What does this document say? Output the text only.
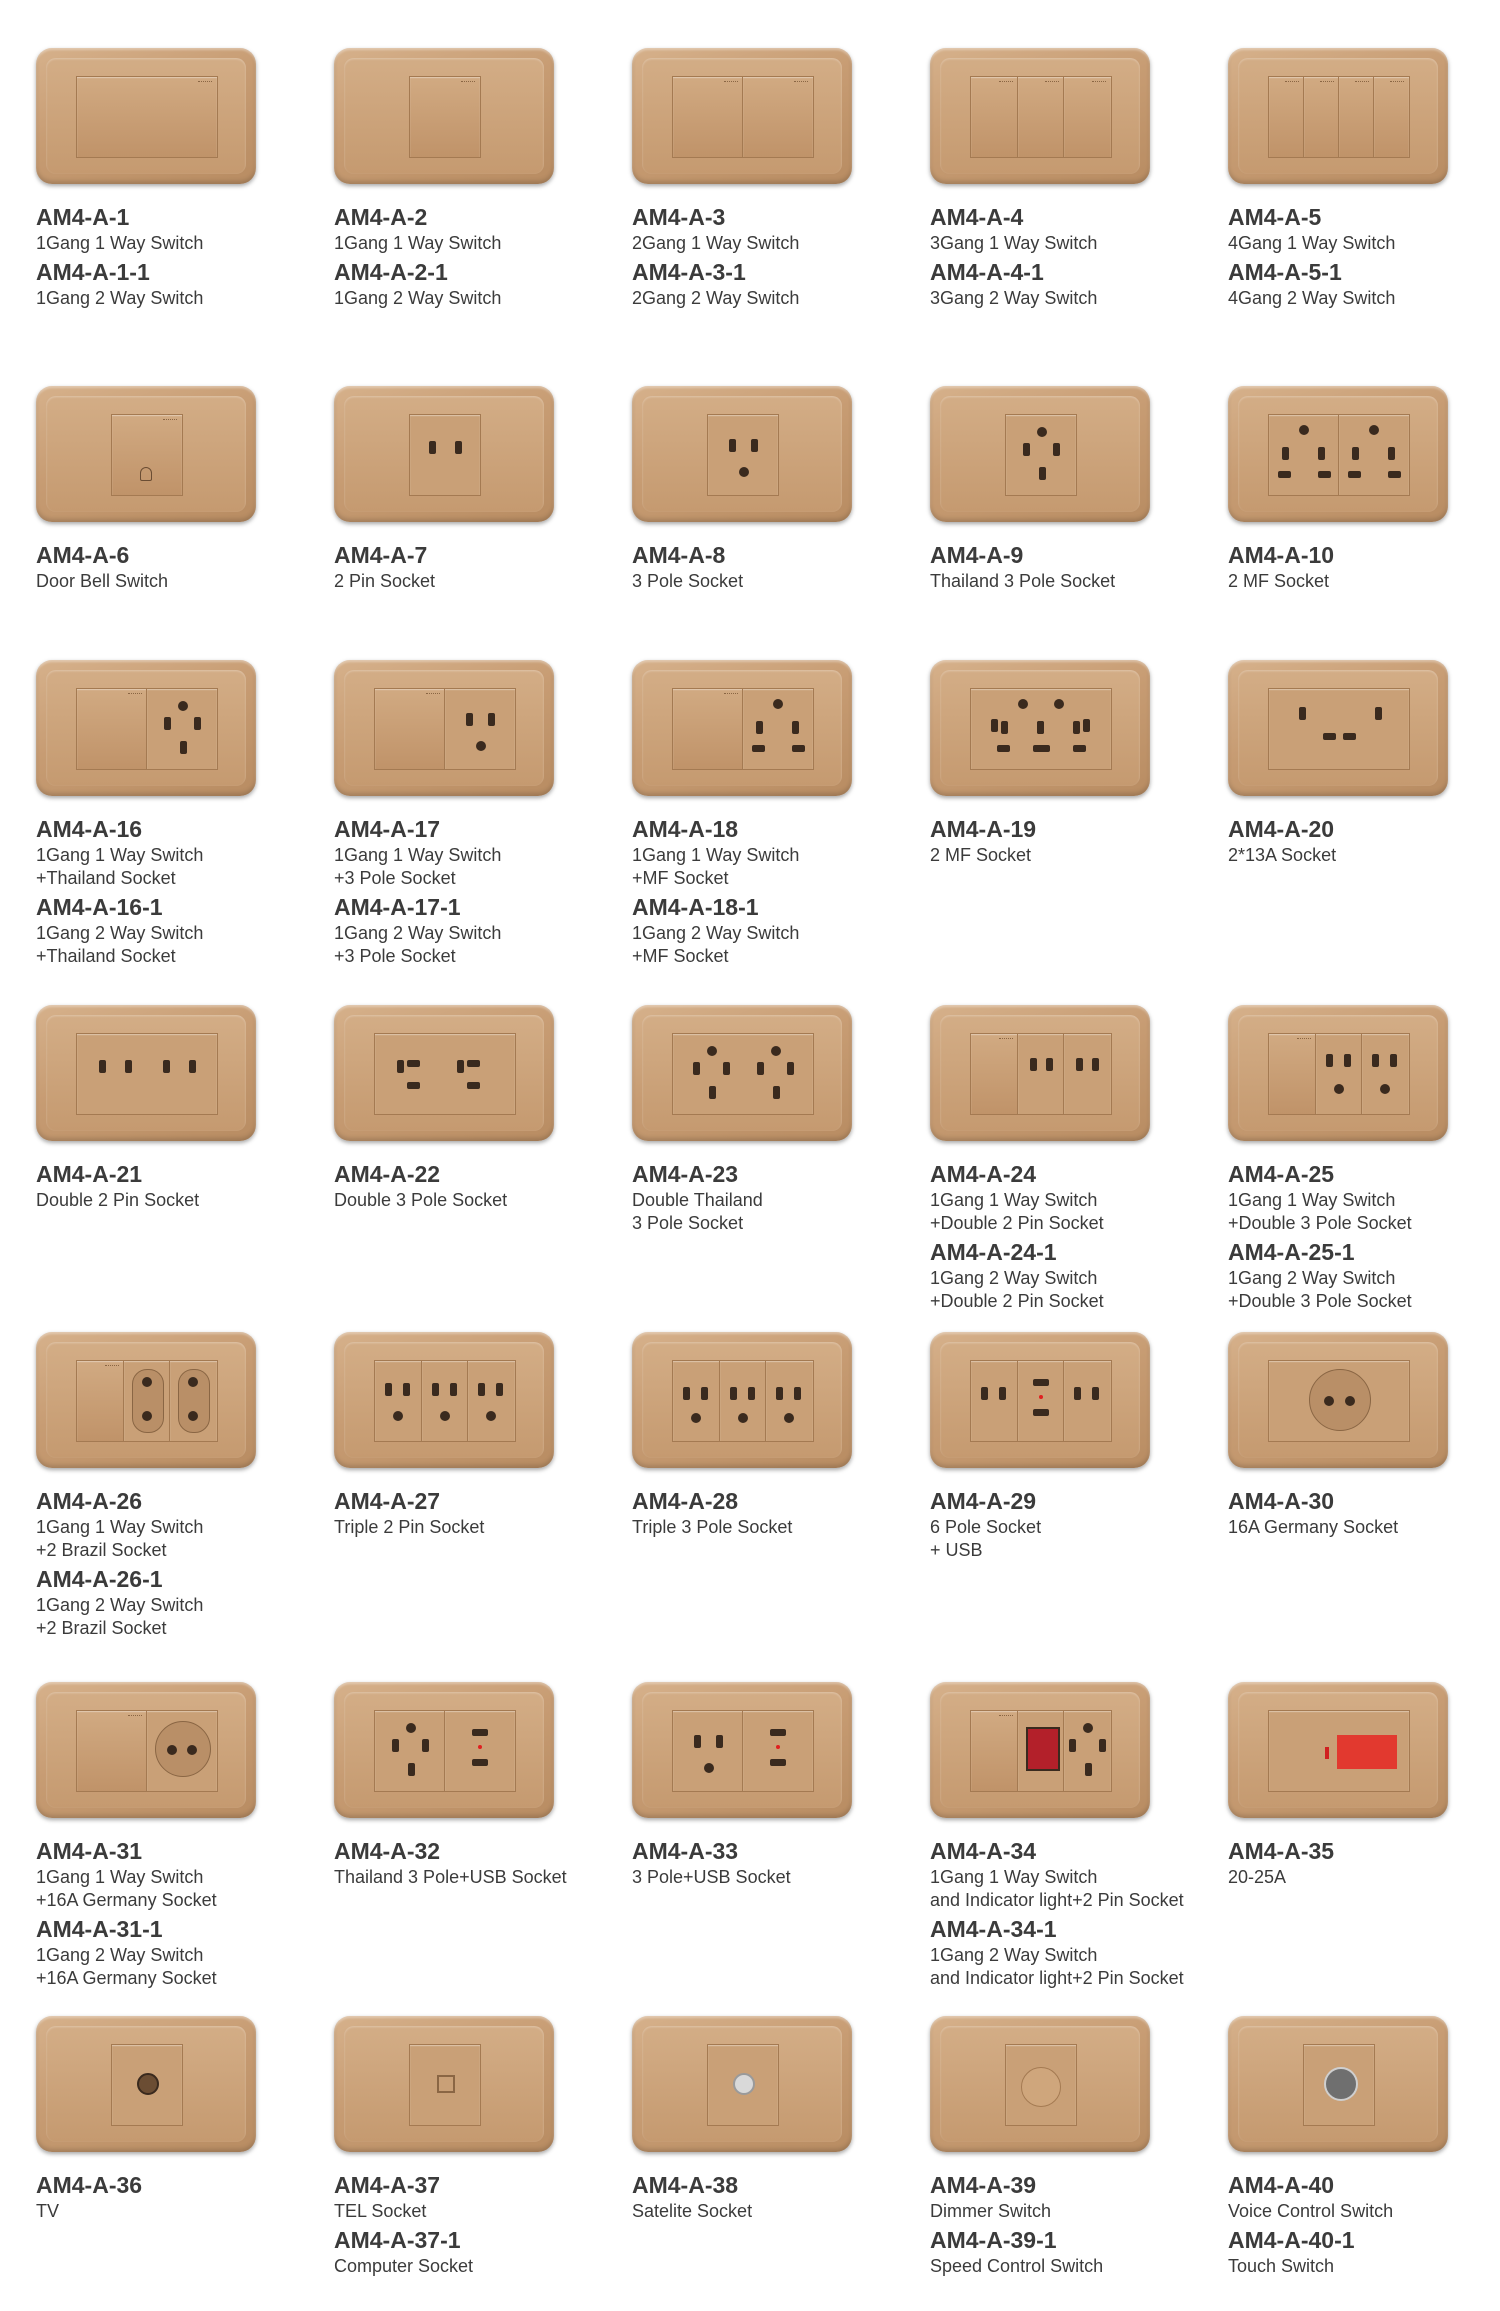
AM4-A-1
1Gang 1 Way Switch
AM4-A-1-1
1Gang 2 Way Switch
AM4-A-2
1Gang 1 Way Switch
AM4-A-2-1
1Gang 2 Way Switch
AM4-A-3
2Gang 1 Way Switch
AM4-A-3-1
2Gang 2 Way Switch
AM4-A-4
3Gang 1 Way Switch
AM4-A-4-1
3Gang 2 Way Switch
AM4-A-5
4Gang 1 Way Switch
AM4-A-5-1
4Gang 2 Way Switch
AM4-A-6
Door Bell Switch
AM4-A-7
2 Pin Socket
AM4-A-8
3 Pole Socket
AM4-A-9
Thailand 3 Pole Socket
AM4-A-10
2 MF Socket
AM4-A-16
1Gang 1 Way Switch
+Thailand Socket
AM4-A-16-1
1Gang 2 Way Switch
+Thailand Socket
AM4-A-17
1Gang 1 Way Switch
+3 Pole Socket
AM4-A-17-1
1Gang 2 Way Switch
+3 Pole Socket
AM4-A-18
1Gang 1 Way Switch
+MF Socket
AM4-A-18-1
1Gang 2 Way Switch
+MF Socket
AM4-A-19
2 MF Socket
AM4-A-20
2*13A Socket
AM4-A-21
Double 2 Pin Socket
AM4-A-22
Double 3 Pole Socket
AM4-A-23
Double Thailand
3 Pole Socket
AM4-A-24
1Gang 1 Way Switch
+Double 2 Pin Socket
AM4-A-24-1
1Gang 2 Way Switch
+Double 2 Pin Socket
AM4-A-25
1Gang 1 Way Switch
+Double 3 Pole Socket
AM4-A-25-1
1Gang 2 Way Switch
+Double 3 Pole Socket
AM4-A-26
1Gang 1 Way Switch
+2 Brazil Socket
AM4-A-26-1
1Gang 2 Way Switch
+2 Brazil Socket
AM4-A-27
Triple 2 Pin Socket
AM4-A-28
Triple 3 Pole Socket
AM4-A-29
6 Pole Socket
+ USB
AM4-A-30
16A Germany Socket
AM4-A-31
1Gang 1 Way Switch
+16A Germany Socket
AM4-A-31-1
1Gang 2 Way Switch
+16A Germany Socket
AM4-A-32
Thailand 3 Pole+USB Socket
AM4-A-33
3 Pole+USB Socket
AM4-A-34
1Gang 1 Way Switch
and Indicator light+2 Pin Socket
AM4-A-34-1
1Gang 2 Way Switch
and Indicator light+2 Pin Socket
AM4-A-35
20-25A
AM4-A-36
TV
AM4-A-37
TEL Socket
AM4-A-37-1
Computer Socket
AM4-A-38
Satelite Socket
AM4-A-39
Dimmer Switch
AM4-A-39-1
Speed Control Switch
AM4-A-40
Voice Control Switch
AM4-A-40-1
Touch Switch
